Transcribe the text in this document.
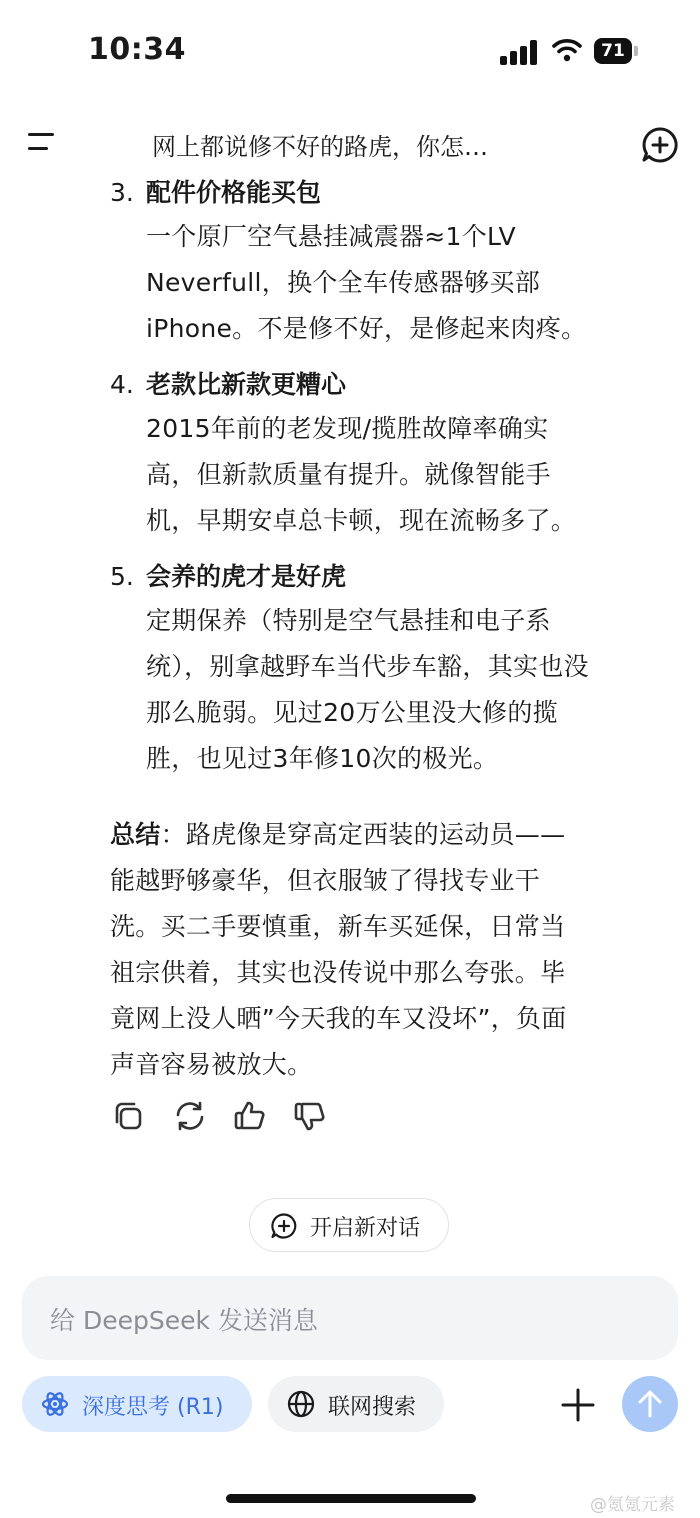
10:34	71
网上都说修不好的路虎，你怎…
3. 配件价格能买包
一个原厂空气悬挂减震器≈1个LV
Neverfull，换个全车传感器够买部
iPhone。不是修不好，是修起来肉疼。
4. 老款比新款更糟心
2015年前的老发现/揽胜故障率确实
高，但新款质量有提升。就像智能手
机，早期安卓总卡顿，现在流畅多了。
5. 会养的虎才是好虎
定期保养（特别是空气悬挂和电子系
统），别拿越野车当代步车豁，其实也没
那么脆弱。见过20万公里没大修的揽
胜，也见过3年修10次的极光。
总结：路虎像是穿高定西装的运动员——
能越野够豪华，但衣服皱了得找专业干
洗。买二手要慎重，新车买延保，日常当
祖宗供着，其实也没传说中那么夸张。毕
竟网上没人晒”今天我的车又没坏”，负面
声音容易被放大。
开启新对话
给 DeepSeek 发送消息
深度思考 (R1)	联网搜索
@氪氪元素
